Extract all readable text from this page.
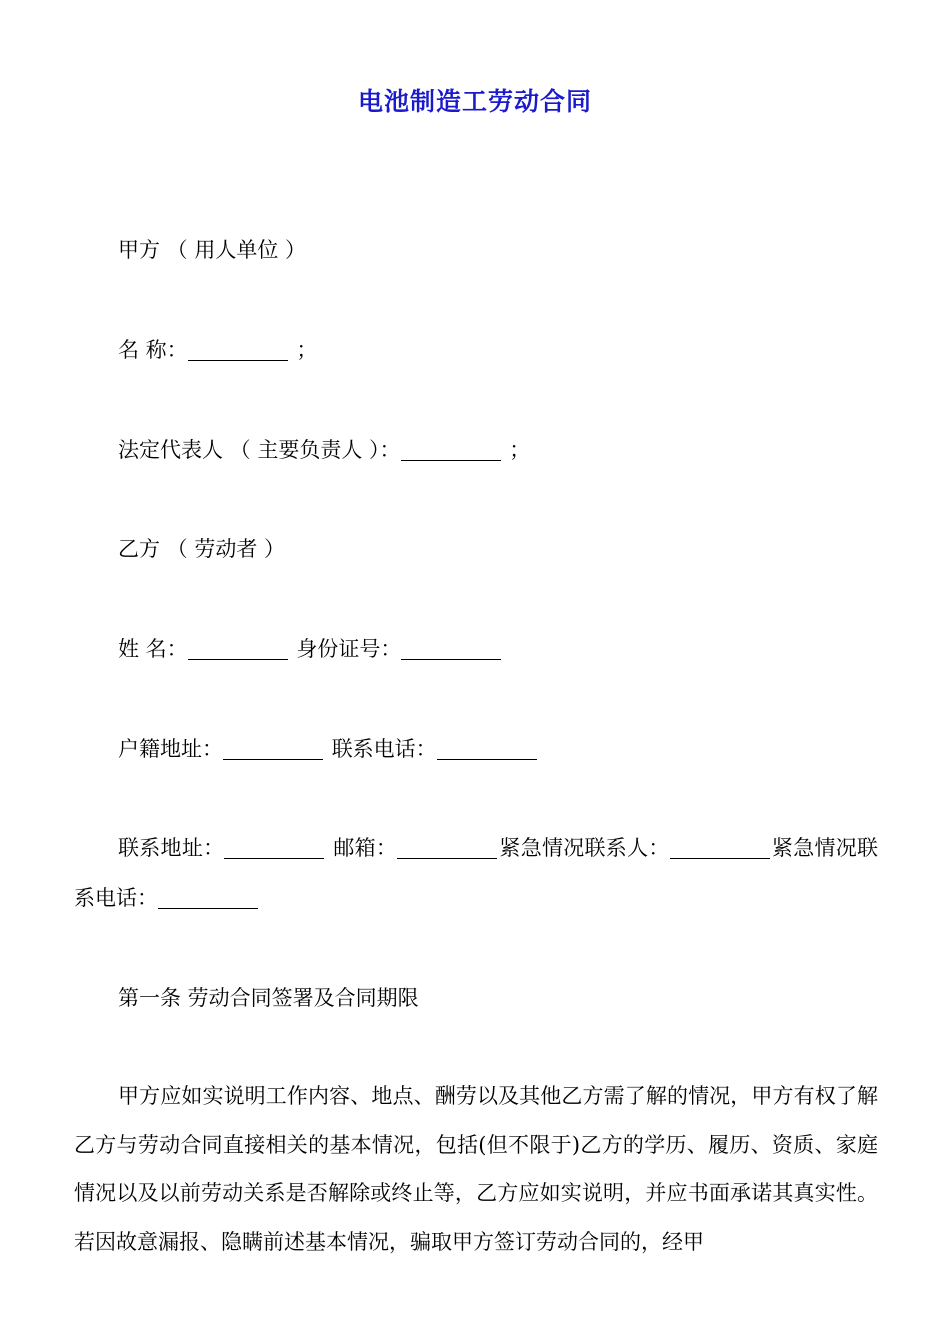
电池制造工劳动合同
甲方 （ 用人单位 ）
名 称：	；
法定代表人 （ 主要负责人 ）：	；
乙方 （ 劳动者 ）
姓 名：	身份证号：
户籍地址：	联系电话：
联系地址：	邮箱：	紧急情况联系人：	紧急情况联系电话：
第一条 劳动合同签署及合同期限
甲方应如实说明工作内容、地点、酬劳以及其他乙方需了解的情况，甲方有权了解乙方与劳动合同直接相关的基本情况，包括(但不限于)乙方的学历、履历、资质、家庭情况以及以前劳动关系是否解除或终止等，乙方应如实说明，并应书面承诺其真实性。若因故意漏报、隐瞒前述基本情况，骗取甲方签订劳动合同的，经甲
